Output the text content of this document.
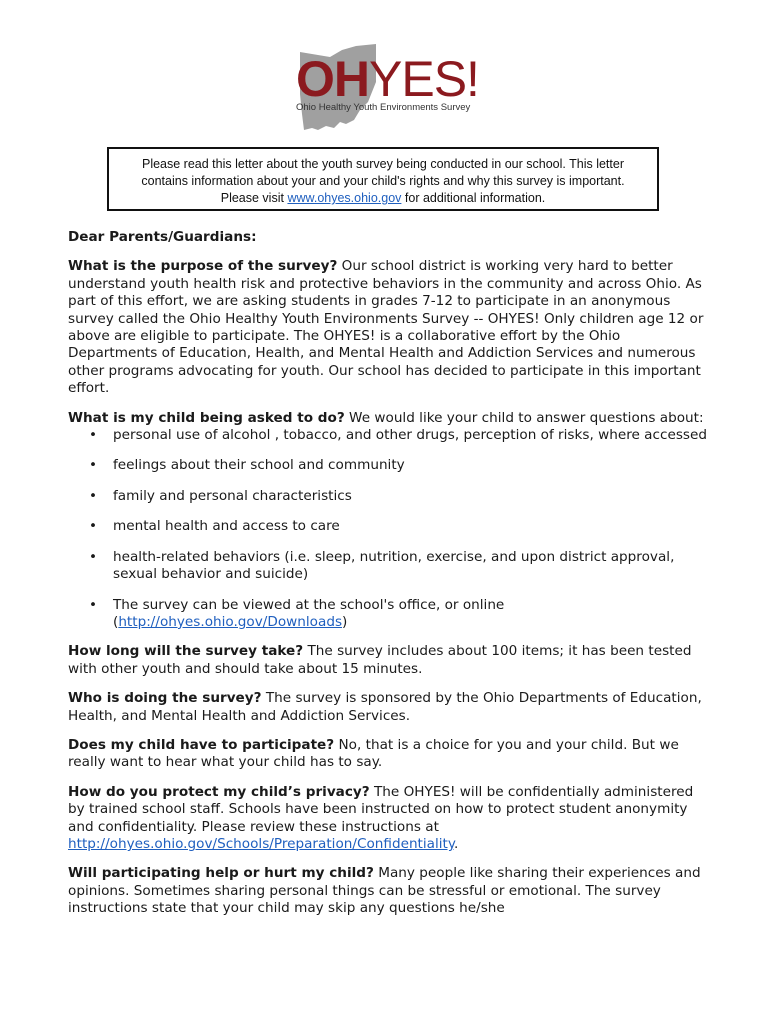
OHYES!
Ohio Healthy Youth Environments Survey
Please read this letter about the youth survey being conducted in our school. This letter contains information about your and your child's rights and why this survey is important.
Please visit www.ohyes.ohio.gov for additional information.

Dear Parents/Guardians:

What is the purpose of the survey? Our school district is working very hard to better understand youth health risk and protective behaviors in the community and across Ohio. As part of this effort, we are asking students in grades 7-12 to participate in an anonymous survey called the Ohio Healthy Youth Environments Survey -- OHYES! Only children age 12 or above are eligible to participate. The OHYES! is a collaborative effort by the Ohio Departments of Education, Health, and Mental Health and Addiction Services and numerous other programs advocating for youth. Our school has decided to participate in this important effort.

What is my child being asked to do? We would like your child to answer questions about:

• personal use of alcohol , tobacco, and other drugs, perception of risks, where accessed
• feelings about their school and community
• family and personal characteristics
• mental health and access to care
• health-related behaviors (i.e. sleep, nutrition, exercise, and upon district approval, sexual behavior and suicide)
• The survey can be viewed at the school's office, or online (http://ohyes.ohio.gov/Downloads)

How long will the survey take? The survey includes about 100 items; it has been tested with other youth and should take about 15 minutes.

Who is doing the survey? The survey is sponsored by the Ohio Departments of Education, Health, and Mental Health and Addiction Services.

Does my child have to participate? No, that is a choice for you and your child. But we really want to hear what your child has to say.

How do you protect my child’s privacy? The OHYES! will be confidentially administered by trained school staff. Schools have been instructed on how to protect student anonymity and confidentiality. Please review these instructions at http://ohyes.ohio.gov/Schools/Preparation/Confidentiality.

Will participating help or hurt my child? Many people like sharing their experiences and opinions. Sometimes sharing personal things can be stressful or emotional. The survey instructions state that your child may skip any questions he/she
